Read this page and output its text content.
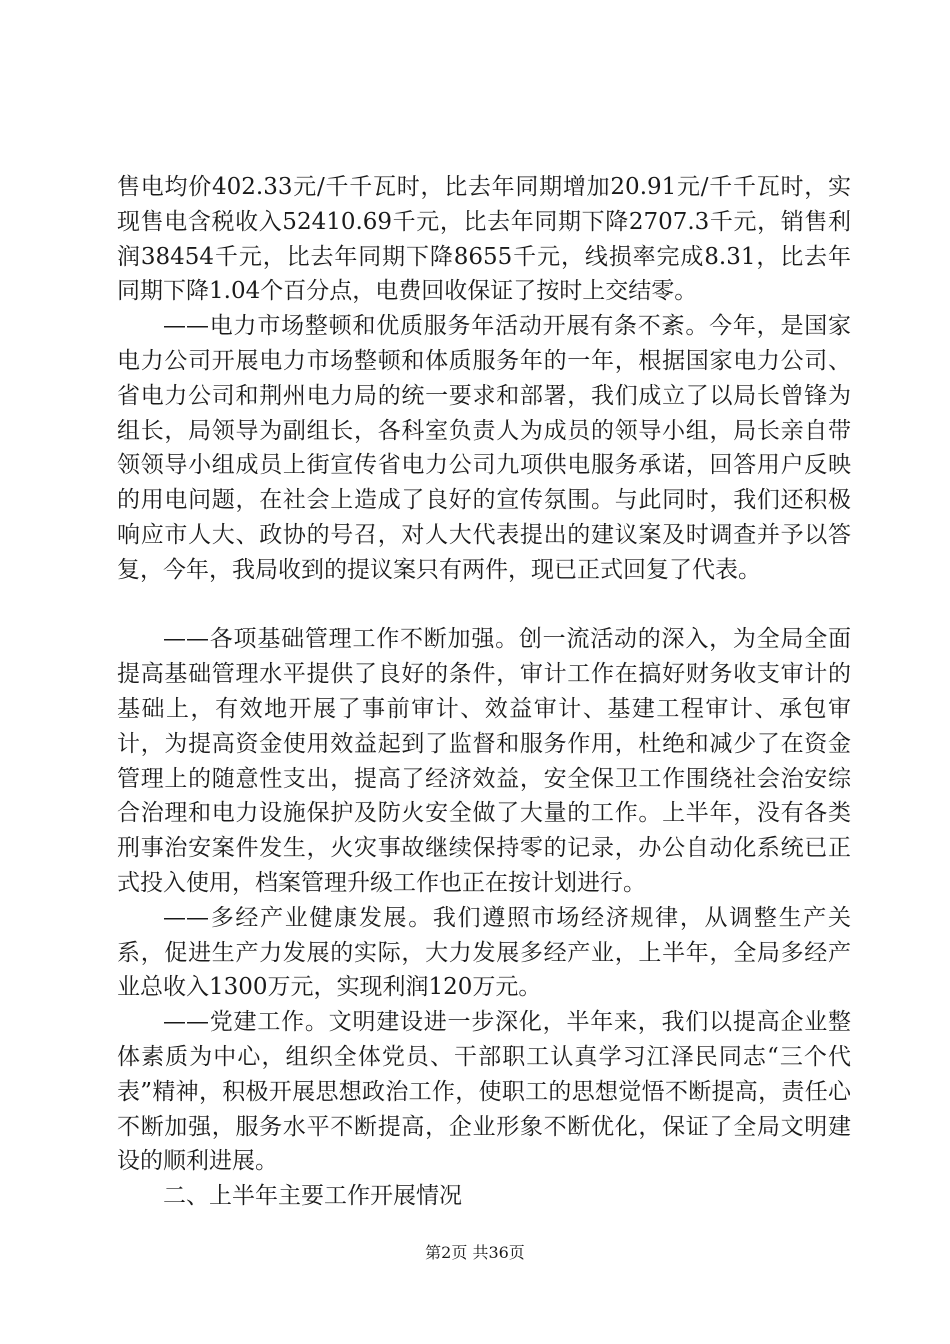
售电均价402.33元/千千瓦时，比去年同期增加20.91元/千千瓦时，实现售电含税收入52410.69千元，比去年同期下降2707.3千元，销售利润38454千元，比去年同期下降8655千元，线损率完成8.31，比去年同期下降1.04个百分点，电费回收保证了按时上交结零。

——电力市场整顿和优质服务年活动开展有条不紊。今年，是国家电力公司开展电力市场整顿和体质服务年的一年，根据国家电力公司、省电力公司和荆州电力局的统一要求和部署，我们成立了以局长曾锋为组长，局领导为副组长，各科室负责人为成员的领导小组，局长亲自带领领导小组成员上街宣传省电力公司九项供电服务承诺，回答用户反映的用电问题，在社会上造成了良好的宣传氛围。与此同时，我们还积极响应市人大、政协的号召，对人大代表提出的建议案及时调查并予以答复，今年，我局收到的提议案只有两件，现已正式回复了代表。

——各项基础管理工作不断加强。创一流活动的深入，为全局全面提高基础管理水平提供了良好的条件，审计工作在搞好财务收支审计的基础上，有效地开展了事前审计、效益审计、基建工程审计、承包审计，为提高资金使用效益起到了监督和服务作用，杜绝和减少了在资金管理上的随意性支出，提高了经济效益，安全保卫工作围绕社会治安综合治理和电力设施保护及防火安全做了大量的工作。上半年，没有各类刑事治安案件发生，火灾事故继续保持零的记录，办公自动化系统已正式投入使用，档案管理升级工作也正在按计划进行。

——多经产业健康发展。我们遵照市场经济规律，从调整生产关系，促进生产力发展的实际，大力发展多经产业，上半年，全局多经产业总收入1300万元，实现利润120万元。

——党建工作。文明建设进一步深化，半年来，我们以提高企业整体素质为中心，组织全体党员、干部职工认真学习江泽民同志“三个代表”精神，积极开展思想政治工作，使职工的思想觉悟不断提高，责任心不断加强，服务水平不断提高，企业形象不断优化，保证了全局文明建设的顺利进展。

二、上半年主要工作开展情况

第2页 共36页
